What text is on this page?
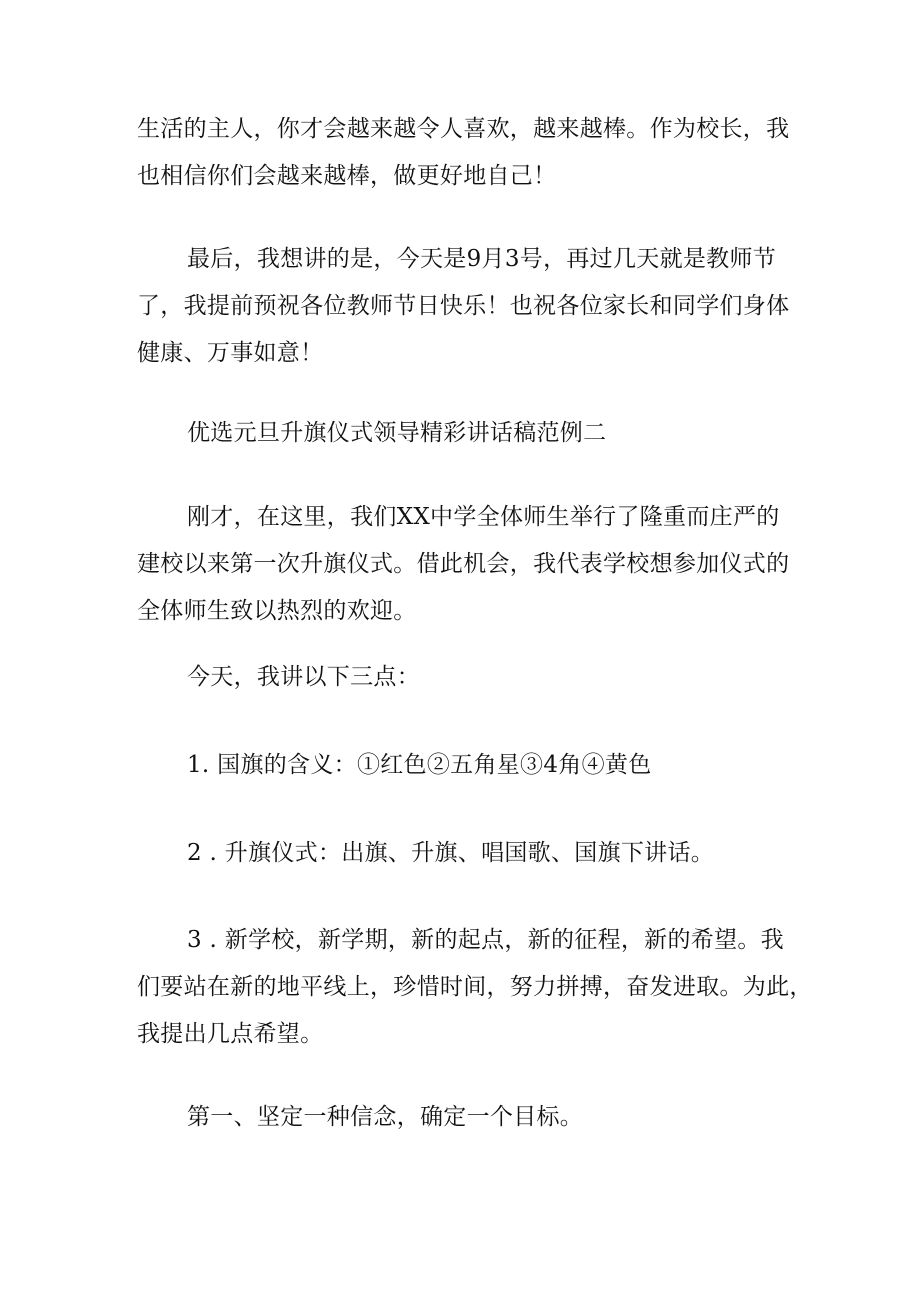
生活的主人，你才会越来越令人喜欢，越来越棒。作为校长，我
也相信你们会越来越棒，做更好地自己！

最后，我想讲的是，今天是9月3号，再过几天就是教师节
了，我提前预祝各位教师节日快乐！也祝各位家长和同学们身体
健康、万事如意！

优选元旦升旗仪式领导精彩讲话稿范例二

刚才，在这里，我们XX中学全体师生举行了隆重而庄严的
建校以来第一次升旗仪式。借此机会，我代表学校想参加仪式的
全体师生致以热烈的欢迎。

今天，我讲以下三点：

1. 国旗的含义：①红色②五角星③4角④黄色

2 . 升旗仪式：出旗、升旗、唱国歌、国旗下讲话。

3 . 新学校，新学期，新的起点，新的征程，新的希望。我
们要站在新的地平线上，珍惜时间，努力拼搏，奋发进取。为此，
我提出几点希望。

第一、坚定一种信念，确定一个目标。
